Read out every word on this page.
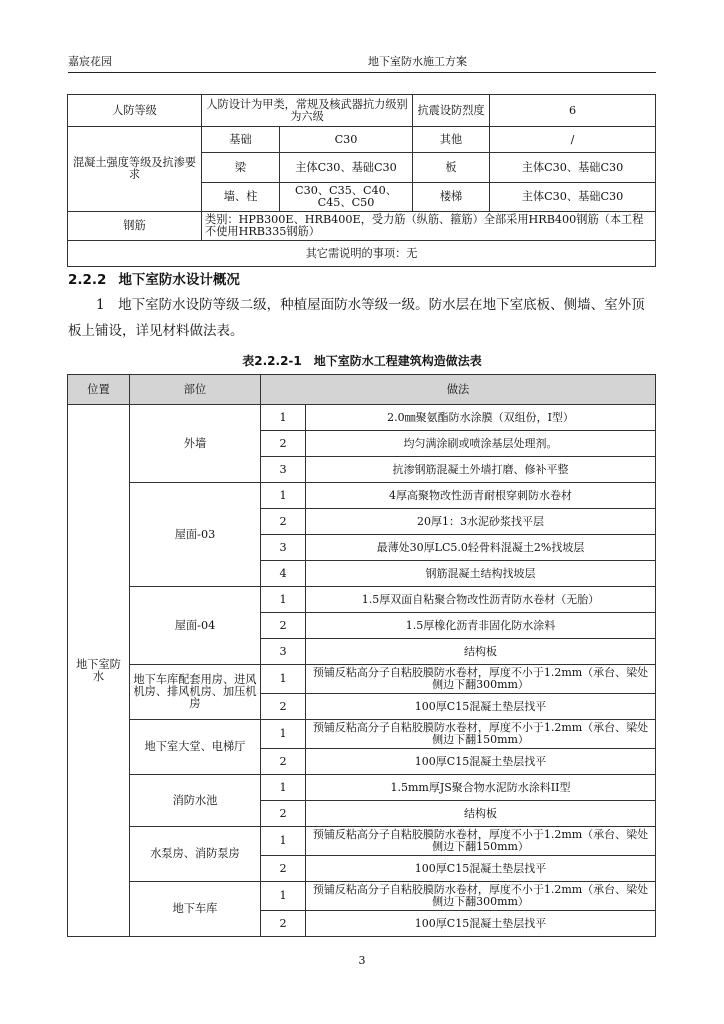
嘉宸花园	地下室防水施工方案
人防等级	人防设计为甲类，常规及核武器抗力级别为六级		抗震设防烈度	6
混凝土强度等级及抗渗要求	基础	C30	其他	/
	梁	主体C30、基础C30	板	主体C30、基础C30
	墙、柱	C30、C35、C40、C45、C50	楼梯	主体C30、基础C30
钢筋	类别：HPB300E、HRB400E，受力筋（纵筋、箍筋）全部采用HRB400钢筋（本工程不使用HRB335钢筋）			
其它需说明的事项：无				
2.2.2 地下室防水设计概况
1　地下室防水设防等级二级，种植屋面防水等级一级。防水层在地下室底板、侧墙、室外顶板上铺设，详见材料做法表。
表2.2.2-1　地下室防水工程建筑构造做法表
位置	部位	做法	
地下室防水	外墙	1	2.0㎜聚氨酯防水涂膜（双组份，I型）
		2	均匀满涂刷或喷涂基层处理剂。
		3	抗渗钢筋混凝土外墙打磨、修补平整
	屋面-03	1	4厚高聚物改性沥青耐根穿刺防水卷材
		2	20厚1：3水泥砂浆找平层
		3	最薄处30厚LC5.0轻骨料混凝土2%找坡层
		4	钢筋混凝土结构找坡层
	屋面-04	1	1.5厚双面自粘聚合物改性沥青防水卷材（无胎）
		2	1.5厚橡化沥青非固化防水涂料
		3	结构板
	地下车库配套用房、进风机房、排风机房、加压机房	1	预铺反粘高分子自粘胶膜防水卷材，厚度不小于1.2mm（承台、梁处侧边下翻300mm）
		2	100厚C15混凝土垫层找平
	地下室大堂、电梯厅	1	预铺反粘高分子自粘胶膜防水卷材，厚度不小于1.2mm（承台、梁处侧边下翻150mm）
		2	100厚C15混凝土垫层找平
	消防水池	1	1.5mm厚JS聚合物水泥防水涂料II型
		2	结构板
	水泵房、消防泵房	1	预铺反粘高分子自粘胶膜防水卷材，厚度不小于1.2mm（承台、梁处侧边下翻150mm）
		2	100厚C15混凝土垫层找平
	地下车库	1	预铺反粘高分子自粘胶膜防水卷材，厚度不小于1.2mm（承台、梁处侧边下翻300mm）
		2	100厚C15混凝土垫层找平
3
